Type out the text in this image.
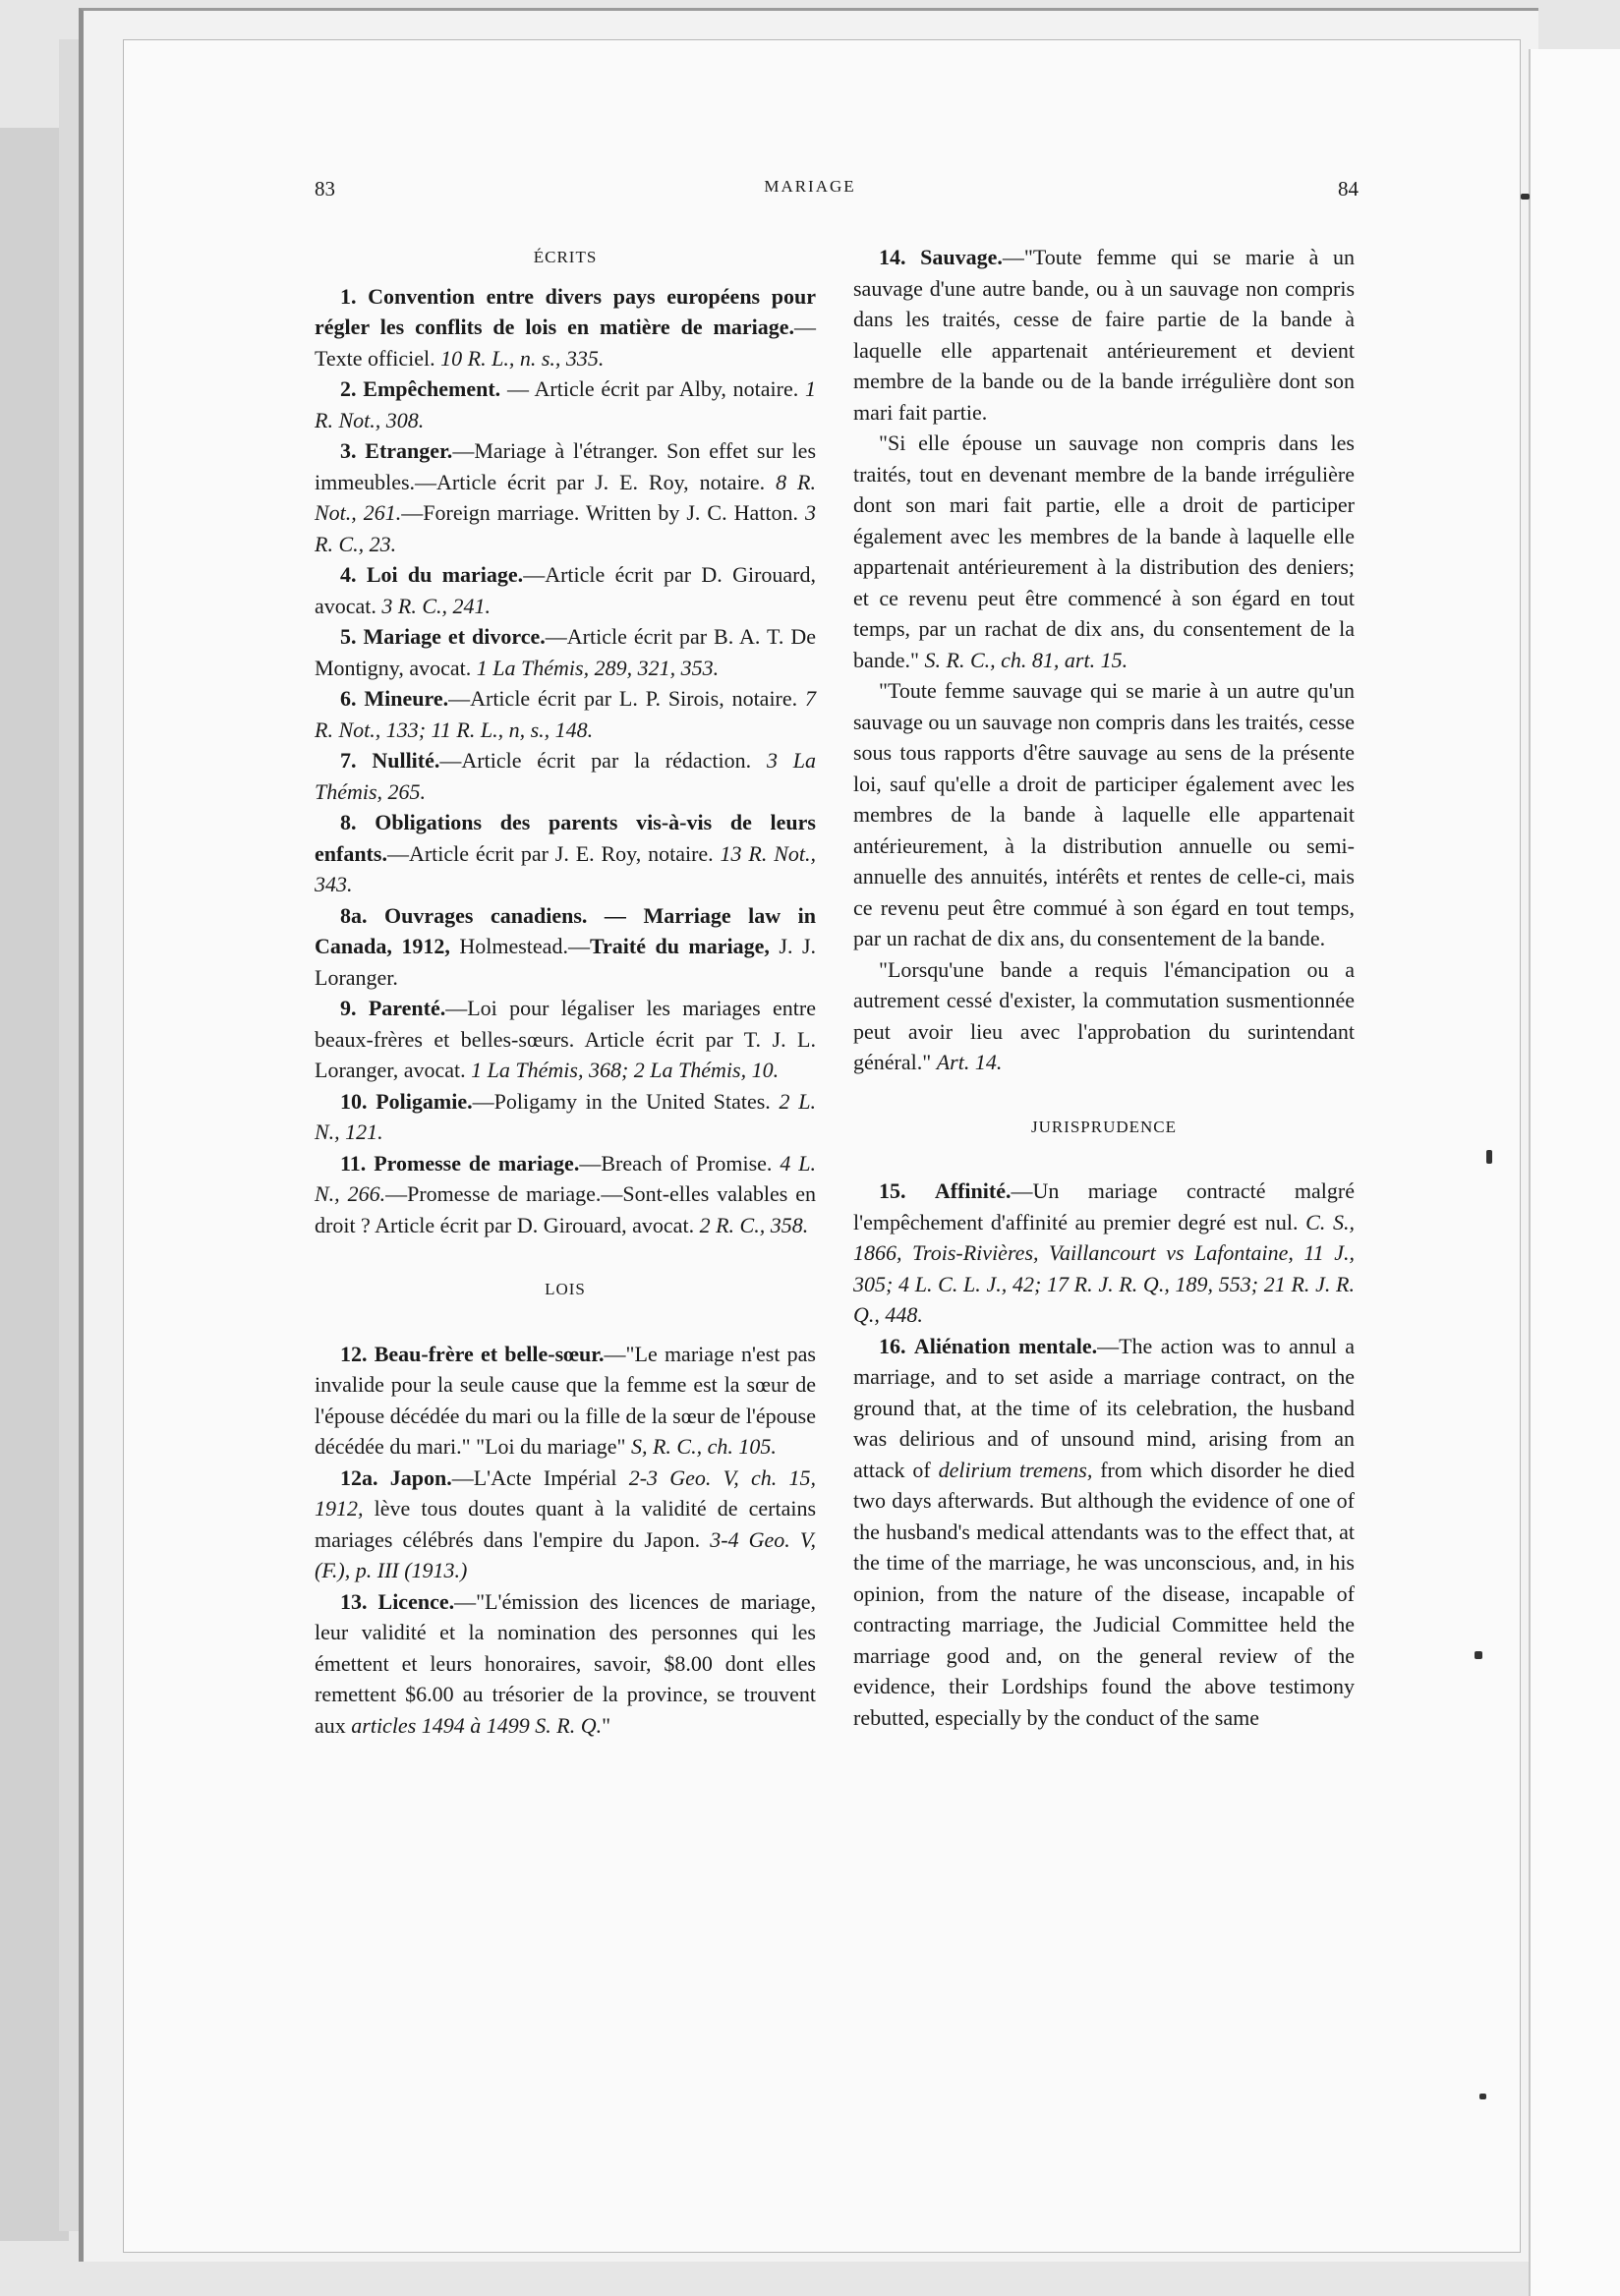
83	MARIAGE	84

ÉCRITS

1. Convention entre divers pays européens pour régler les conflits de lois en matière de mariage.—Texte officiel. 10 R. L., n. s., 335.

2. Empêchement. — Article écrit par Alby, notaire. 1 R. Not., 308.

3. Etranger.—Mariage à l'étranger. Son effet sur les immeubles.—Article écrit par J. E. Roy, notaire. 8 R. Not., 261.—Foreign marriage. Written by J. C. Hatton. 3 R. C., 23.

4. Loi du mariage.—Article écrit par D. Girouard, avocat. 3 R. C., 241.

5. Mariage et divorce.—Article écrit par B. A. T. De Montigny, avocat. 1 La Thémis, 289, 321, 353.

6. Mineure.—Article écrit par L. P. Sirois, notaire. 7 R. Not., 133; 11 R. L., n, s., 148.

7. Nullité.—Article écrit par la rédaction. 3 La Thémis, 265.

8. Obligations des parents vis-à-vis de leurs enfants.—Article écrit par J. E. Roy, notaire. 13 R. Not., 343.

8a. Ouvrages canadiens. — Marriage law in Canada, 1912, Holmestead.—Traité du mariage, J. J. Loranger.

9. Parenté.—Loi pour légaliser les mariages entre beaux-frères et belles-sœurs. Article écrit par T. J. L. Loranger, avocat. 1 La Thémis, 368; 2 La Thémis, 10.

10. Poligamie.—Poligamy in the United States. 2 L. N., 121.

11. Promesse de mariage.—Breach of Promise. 4 L. N., 266.—Promesse de mariage.—Sont-elles valables en droit ? Article écrit par D. Girouard, avocat. 2 R. C., 358.

LOIS

12. Beau-frère et belle-sœur.—"Le mariage n'est pas invalide pour la seule cause que la femme est la sœur de l'épouse décédée du mari ou la fille de la sœur de l'épouse décédée du mari." "Loi du mariage" S, R. C., ch. 105.

12a. Japon.—L'Acte Impérial 2-3 Geo. V, ch. 15, 1912, lève tous doutes quant à la validité de certains mariages célébrés dans l'empire du Japon. 3-4 Geo. V, (F.), p. III (1913.)

13. Licence.—"L'émission des licences de mariage, leur validité et la nomination des personnes qui les émettent et leurs honoraires, savoir, $8.00 dont elles remettent $6.00 au trésorier de la province, se trouvent aux articles 1494 à 1499 S. R. Q."

14. Sauvage.—"Toute femme qui se marie à un sauvage d'une autre bande, ou à un sauvage non compris dans les traités, cesse de faire partie de la bande à laquelle elle appartenait antérieurement et devient membre de la bande ou de la bande irrégulière dont son mari fait partie.

"Si elle épouse un sauvage non compris dans les traités, tout en devenant membre de la bande irrégulière dont son mari fait partie, elle a droit de participer également avec les membres de la bande à laquelle elle appartenait antérieurement à la distribution des deniers; et ce revenu peut être commencé à son égard en tout temps, par un rachat de dix ans, du consentement de la bande." S. R. C., ch. 81, art. 15.

"Toute femme sauvage qui se marie à un autre qu'un sauvage ou un sauvage non compris dans les traités, cesse sous tous rapports d'être sauvage au sens de la présente loi, sauf qu'elle a droit de participer également avec les membres de la bande à laquelle elle appartenait antérieurement, à la distribution annuelle ou semi-annuelle des annuités, intérêts et rentes de celle-ci, mais ce revenu peut être commué à son égard en tout temps, par un rachat de dix ans, du consentement de la bande.

"Lorsqu'une bande a requis l'émancipation ou a autrement cessé d'exister, la commutation susmentionnée peut avoir lieu avec l'approbation du surintendant général." Art. 14.

JURISPRUDENCE

15. Affinité.—Un mariage contracté malgré l'empêchement d'affinité au premier degré est nul. C. S., 1866, Trois-Rivières, Vaillancourt vs Lafontaine, 11 J., 305; 4 L. C. L. J., 42; 17 R. J. R. Q., 189, 553; 21 R. J. R. Q., 448.

16. Aliénation mentale.—The action was to annul a marriage, and to set aside a marriage contract, on the ground that, at the time of its celebration, the husband was delirious and of unsound mind, arising from an attack of delirium tremens, from which disorder he died two days afterwards. But although the evidence of one of the husband's medical attendants was to the effect that, at the time of the marriage, he was unconscious, and, in his opinion, from the nature of the disease, incapable of contracting marriage, the Judicial Committee held the marriage good and, on the general review of the evidence, their Lordships found the above testimony rebutted, especially by the conduct of the same
